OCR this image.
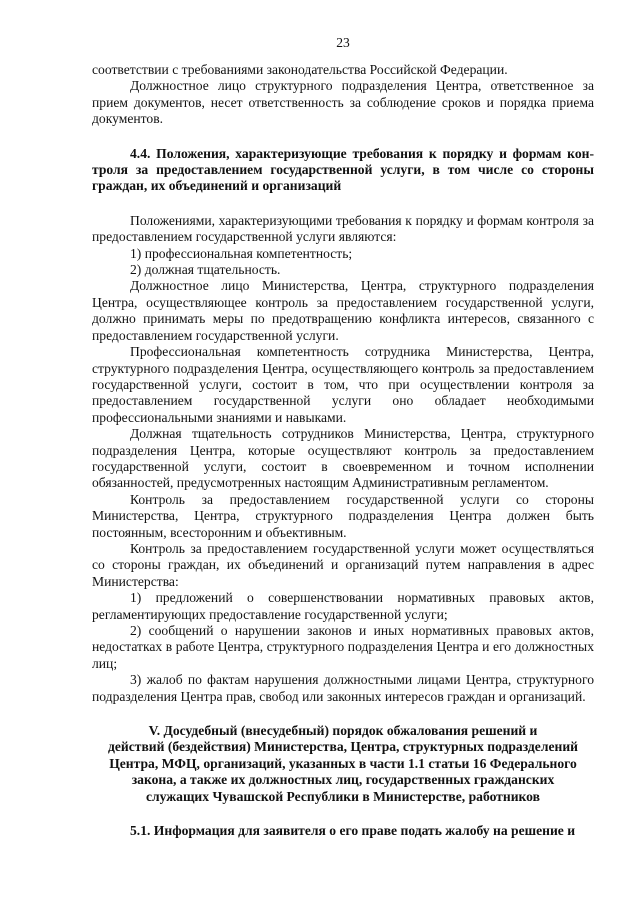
23

соответствии с требованиями законодательства Российской Федерации.

Должностное лицо структурного подразделения Центра, ответственное за прием документов, несет ответственность за соблюдение сроков и порядка приема документов.

4.4. Положения, характеризующие требования к порядку и формам кон-троля за предоставлением государственной услуги, в том числе со стороны граждан, их объединений и организаций

Положениями, характеризующими требования к порядку и формам контроля за предоставлением государственной услуги являются:

1) профессиональная компетентность;

2) должная тщательность.

Должностное лицо Министерства, Центра, структурного подразделения Центра, осуществляющее контроль за предоставлением государственной услуги, должно принимать меры по предотвращению конфликта интересов, связанного с предоставлением государственной услуги.

Профессиональная компетентность сотрудника Министерства, Центра, структурного подразделения Центра, осуществляющего контроль за предоставлением государственной услуги, состоит в том, что при осуществлении контроля за предоставлением государственной услуги оно обладает необходимыми профессиональными знаниями и навыками.

Должная тщательность сотрудников Министерства, Центра, структурного подразделения Центра, которые осуществляют контроль за предоставлением государственной услуги, состоит в своевременном и точном исполнении обязанностей, предусмотренных настоящим Административным регламентом.

Контроль за предоставлением государственной услуги со стороны Министерства, Центра, структурного подразделения Центра должен быть постоянным, всесторонним и объективным.

Контроль за предоставлением государственной услуги может осуществляться со стороны граждан, их объединений и организаций путем направления в адрес Министерства:

1) предложений о совершенствовании нормативных правовых актов, регламентирующих предоставление государственной услуги;

2) сообщений о нарушении законов и иных нормативных правовых актов, недостатках в работе Центра, структурного подразделения Центра и его должностных лиц;

3) жалоб по фактам нарушения должностными лицами Центра, структурного подразделения Центра прав, свобод или законных интересов граждан и организаций.

V. Досудебный (внесудебный) порядок обжалования решений и

действий (бездействия) Министерства, Центра, структурных подразделений

Центра, МФЦ, организаций, указанных в части 1.1 статьи 16 Федерального

закона, а также их должностных лиц, государственных гражданских

служащих Чувашской Республики в Министерстве, работников

5.1. Информация для заявителя о его праве подать жалобу на решение и
